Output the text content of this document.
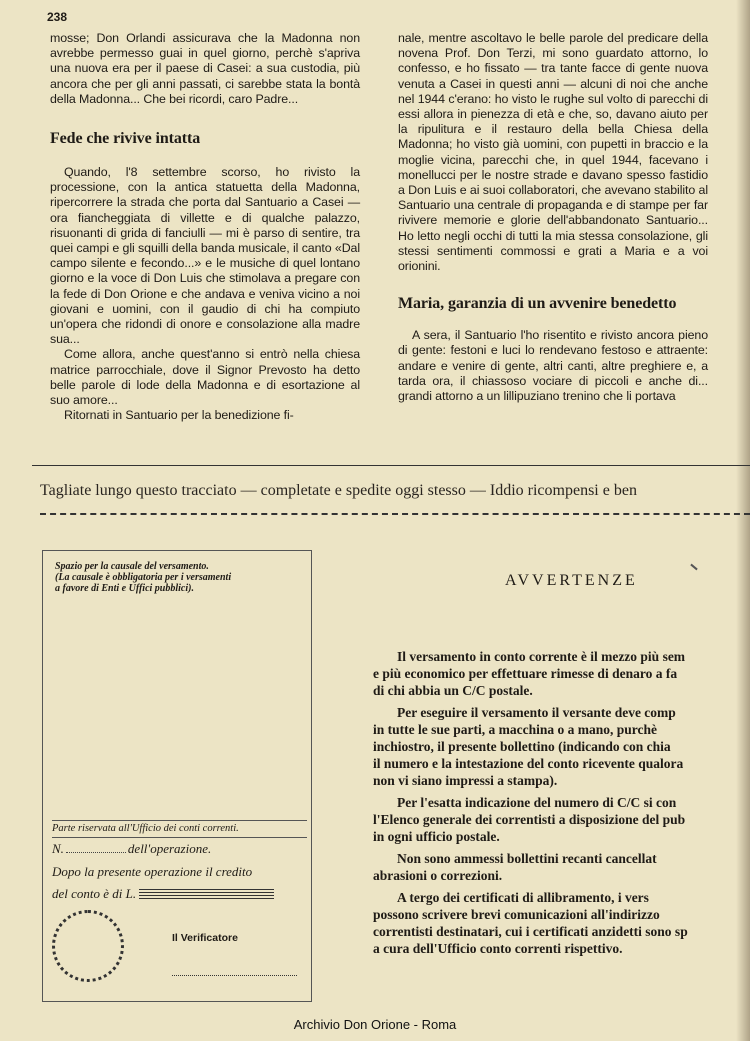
238

mosse; Don Orlandi assicurava che la Madonna non avrebbe permesso guai in quel giorno, perchè s'apriva una nuova era per il paese di Casei: a sua custodia, più ancora che per gli anni passati, ci sarebbe stata la bontà della Madonna... Che bei ricordi, caro Padre...

Fede che rivive intatta

Quando, l'8 settembre scorso, ho rivisto la processione, con la antica statuetta della Madonna, ripercorrere la strada che porta dal Santuario a Casei — ora fiancheggiata di villette e di qualche palazzo, risuonanti di grida di fanciulli — mi è parso di sentire, tra quei campi e gli squilli della banda musicale, il canto «Dal campo silente e fecondo...» e le musiche di quel lontano giorno e la voce di Don Luis che stimolava a pregare con la fede di Don Orione e che andava e veniva vicino a noi giovani e uomini, con il gaudio di chi ha compiuto un'opera che ridondi di onore e consolazione alla madre sua...

Come allora, anche quest'anno si entrò nella chiesa matrice parrocchiale, dove il Signor Prevosto ha detto belle parole di lode della Madonna e di esortazione al suo amore...

Ritornati in Santuario per la benedizione fi-

nale, mentre ascoltavo le belle parole del predicare della novena Prof. Don Terzi, mi sono guardato attorno, lo confesso, e ho fissato — tra tante facce di gente nuova venuta a Casei in questi anni — alcuni di noi che anche nel 1944 c'erano: ho visto le rughe sul volto di parecchi di essi allora in pienezza di età e che, so, davano aiuto per la ripulitura e il restauro della bella Chiesa della Madonna; ho visto già uomini, con pupetti in braccio e la moglie vicina, parecchi che, in quel 1944, facevano i monellucci per le nostre strade e davano spesso fastidio a Don Luis e ai suoi collaboratori, che avevano stabilito al Santuario una centrale di propaganda e di stampe per far rivivere memorie e glorie dell'abbandonato Santuario... Ho letto negli occhi di tutti la mia stessa consolazione, gli stessi sentimenti commossi e grati a Maria e a voi orionini.

Maria, garanzia di un avvenire benedetto

A sera, il Santuario l'ho risentito e rivisto ancora pieno di gente: festoni e luci lo rendevano festoso e attraente: andare e venire di gente, altri canti, altre preghiere e, a tarda ora, il chiassoso vociare di piccoli e anche di... grandi attorno a un lillipuziano trenino che li portava

Tagliate lungo questo tracciato — completate e spedite oggi stesso — Iddio ricompensi e ben
Spazio per la causale del versamento.
(La causale è obbligatoria per i versamenti
a favore di Enti e Uffici pubblici).
Parte riservata all'Ufficio dei conti correnti.
N.	dell'operazione.
Dopo la presente operazione il credito
del conto è di L.
Il Verificatore
AVVERTENZE

Il versamento in conto corrente è il mezzo più sem
e più economico per effettuare rimesse di denaro a fa
di chi abbia un C/C postale.

Per eseguire il versamento il versante deve comp
in tutte le sue parti, a macchina o a mano, purchè
inchiostro, il presente bollettino (indicando con chia
il numero e la intestazione del conto ricevente qualora
non vi siano impressi a stampa).

Per l'esatta indicazione del numero di C/C si con
l'Elenco generale dei correntisti a disposizione del pub
in ogni ufficio postale.

Non sono ammessi bollettini recanti cancellat
abrasioni o correzioni.

A tergo dei certificati di allibramento, i vers
possono scrivere brevi comunicazioni all'indirizzo
correntisti destinatari, cui i certificati anzidetti sono sp
a cura dell'Ufficio conto correnti rispettivo.

Archivio Don Orione - Roma
